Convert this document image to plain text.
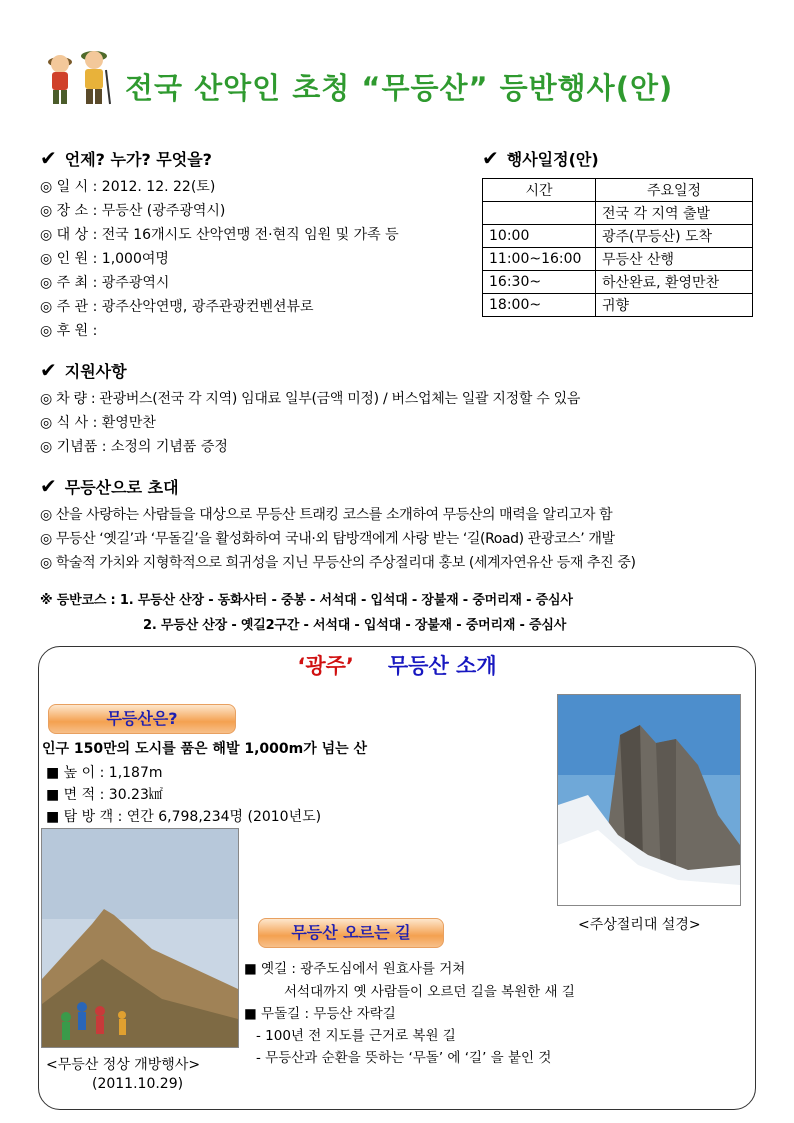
전국 산악인 초청 “무등산” 등반행사(안)
✔ 언제? 누가? 무엇을?
◎ 일 시 : 2012. 12. 22(토)
◎ 장 소 : 무등산 (광주광역시)
◎ 대 상 : 전국 16개시도 산악연맹 전·현직 임원 및 가족 등
◎ 인 원 : 1,000여명
◎ 주 최 : 광주광역시
◎ 주 관 : 광주산악연맹, 광주관광컨벤션뷰로
◎ 후 원 :
✔ 행사일정(안)
시간	주요일정
	전국 각 지역 출발
10:00	광주(무등산) 도착
11:00~16:00	무등산 산행
16:30~	하산완료, 환영만찬
18:00~	귀향
✔ 지원사항
◎ 차 량 : 관광버스(전국 각 지역) 임대료 일부(금액 미정) / 버스업체는 일괄 지정할 수 있음
◎ 식 사 : 환영만찬
◎ 기념품 : 소정의 기념품 증정
✔ 무등산으로 초대
◎ 산을 사랑하는 사람들을 대상으로 무등산 트래킹 코스를 소개하여 무등산의 매력을 알리고자 함
◎ 무등산 ‘옛길’과 ‘무돌길’을 활성화하여 국내·외 탐방객에게 사랑 받는 ‘길(Road) 관광코스’ 개발
◎ 학술적 가치와 지형학적으로 희귀성을 지닌 무등산의 주상절리대 홍보 (세계자연유산 등재 추진 중)
※ 등반코스 : 1. 무등산 산장 - 동화사터 - 중봉 - 서석대 - 입석대 - 장불재 - 중머리재 - 증심사
2. 무등산 산장 - 옛길2구간 - 서석대 - 입석대 - 장불재 - 중머리재 - 증심사
‘광주’ 무등산 소개
무등산은?
인구 150만의 도시를 품은 해발 1,000m가 넘는 산
■ 높 이 : 1,187m
■ 면 적 : 30.23㎢
■ 탐 방 객 : 연간 6,798,234명 (2010년도)
<주상절리대 설경>
<무등산 정상 개방행사>
(2011.10.29)
무등산 오르는 길
■ 옛길 : 광주도심에서 원효사를 거쳐
서석대까지 옛 사람들이 오르던 길을 복원한 새 길
■ 무돌길 : 무등산 자락길
- 100년 전 지도를 근거로 복원 길
- 무등산과 순환을 뜻하는 ‘무돌’ 에 ‘길’ 을 붙인 것
